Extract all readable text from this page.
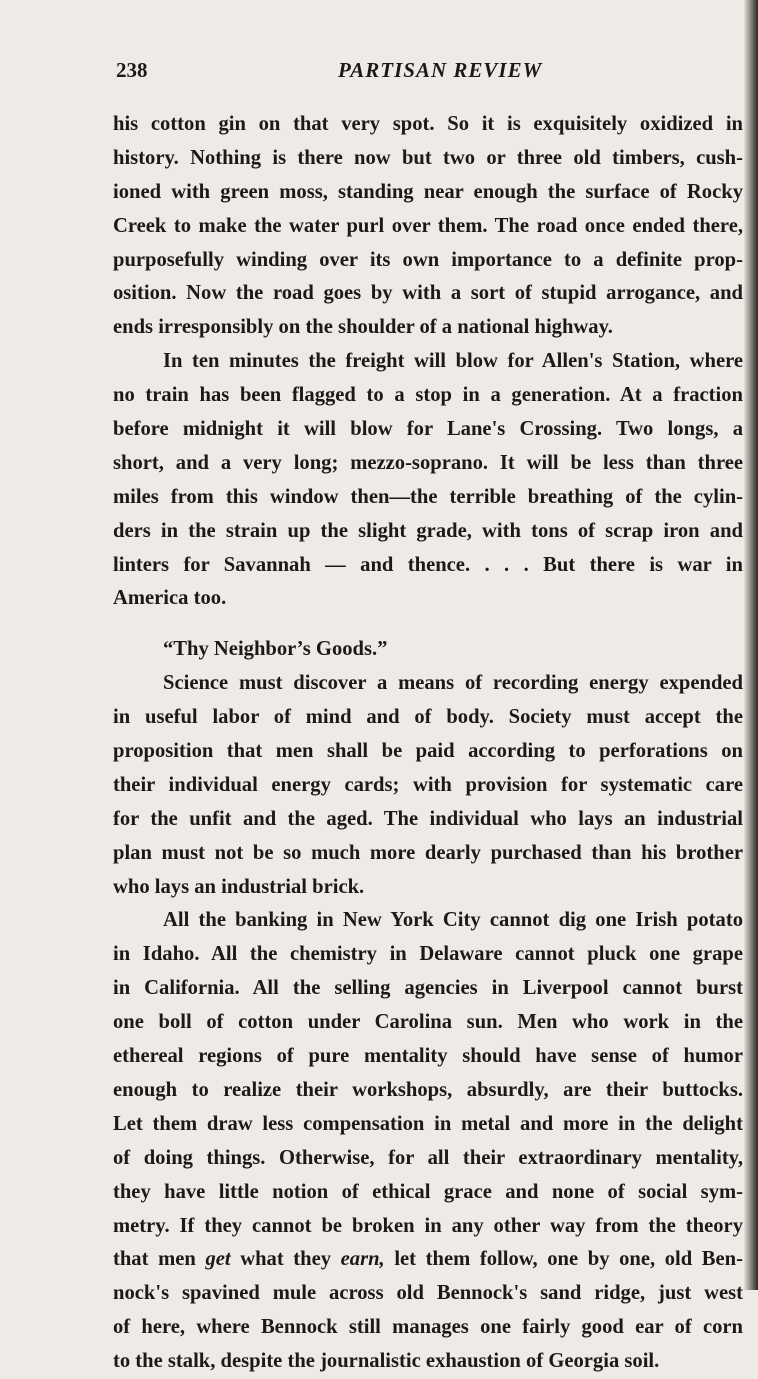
238	PARTISAN REVIEW
his cotton gin on that very spot. So it is exquisitely oxidized in
history. Nothing is there now but two or three old timbers, cush-
ioned with green moss, standing near enough the surface of Rocky
Creek to make the water purl over them. The road once ended there,
purposefully winding over its own importance to a definite prop-
osition. Now the road goes by with a sort of stupid arrogance, and
ends irresponsibly on the shoulder of a national highway.
In ten minutes the freight will blow for Allen's Station, where
no train has been flagged to a stop in a generation. At a fraction
before midnight it will blow for Lane's Crossing. Two longs, a
short, and a very long; mezzo-soprano. It will be less than three
miles from this window then—the terrible breathing of the cylin-
ders in the strain up the slight grade, with tons of scrap iron and
linters for Savannah — and thence. . . . But there is war in
America too.
“Thy Neighbor’s Goods.”
Science must discover a means of recording energy expended
in useful labor of mind and of body. Society must accept the
proposition that men shall be paid according to perforations on
their individual energy cards; with provision for systematic care
for the unfit and the aged. The individual who lays an industrial
plan must not be so much more dearly purchased than his brother
who lays an industrial brick.
All the banking in New York City cannot dig one Irish potato
in Idaho. All the chemistry in Delaware cannot pluck one grape
in California. All the selling agencies in Liverpool cannot burst
one boll of cotton under Carolina sun. Men who work in the
ethereal regions of pure mentality should have sense of humor
enough to realize their workshops, absurdly, are their buttocks.
Let them draw less compensation in metal and more in the delight
of doing things. Otherwise, for all their extraordinary mentality,
they have little notion of ethical grace and none of social sym-
metry. If they cannot be broken in any other way from the theory
that men get what they earn, let them follow, one by one, old Ben-
nock's spavined mule across old Bennock's sand ridge, just west
of here, where Bennock still manages one fairly good ear of corn
to the stalk, despite the journalistic exhaustion of Georgia soil.
